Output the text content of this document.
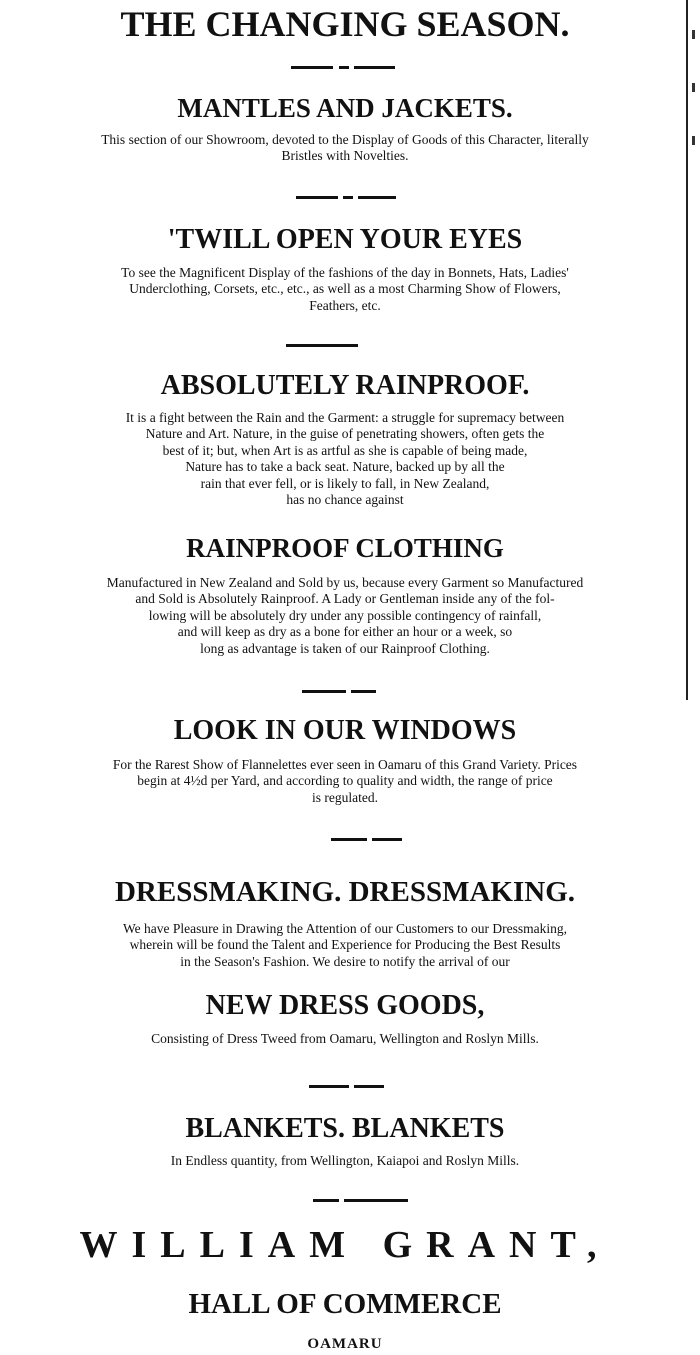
THE CHANGING SEASON.
MANTLES AND JACKETS.
This section of our Showroom, devoted to the Display of Goods of this Character, literally
Bristles with Novelties.
'TWILL OPEN YOUR EYES
To see the Magnificent Display of the fashions of the day in Bonnets, Hats, Ladies'
Underclothing, Corsets, etc., etc., as well as a most Charming Show of Flowers,
Feathers, etc.
ABSOLUTELY RAINPROOF.
It is a fight between the Rain and the Garment: a struggle for supremacy between
Nature and Art. Nature, in the guise of penetrating showers, often gets the
best of it; but, when Art is as artful as she is capable of being made,
Nature has to take a back seat. Nature, backed up by all the
rain that ever fell, or is likely to fall, in New Zealand,
has no chance against
RAINPROOF CLOTHING
Manufactured in New Zealand and Sold by us, because every Garment so Manufactured
and Sold is Absolutely Rainproof. A Lady or Gentleman inside any of the fol-
lowing will be absolutely dry under any possible contingency of rainfall,
and will keep as dry as a bone for either an hour or a week, so
long as advantage is taken of our Rainproof Clothing.
LOOK IN OUR WINDOWS
For the Rarest Show of Flannelettes ever seen in Oamaru of this Grand Variety. Prices
begin at 4½d per Yard, and according to quality and width, the range of price
is regulated.
DRESSMAKING. DRESSMAKING.
We have Pleasure in Drawing the Attention of our Customers to our Dressmaking,
wherein will be found the Talent and Experience for Producing the Best Results
in the Season's Fashion. We desire to notify the arrival of our
NEW DRESS GOODS,
Consisting of Dress Tweed from Oamaru, Wellington and Roslyn Mills.
BLANKETS. BLANKETS
In Endless quantity, from Wellington, Kaiapoi and Roslyn Mills.
WILLIAM GRANT,
HALL OF COMMERCE
OAMARU
